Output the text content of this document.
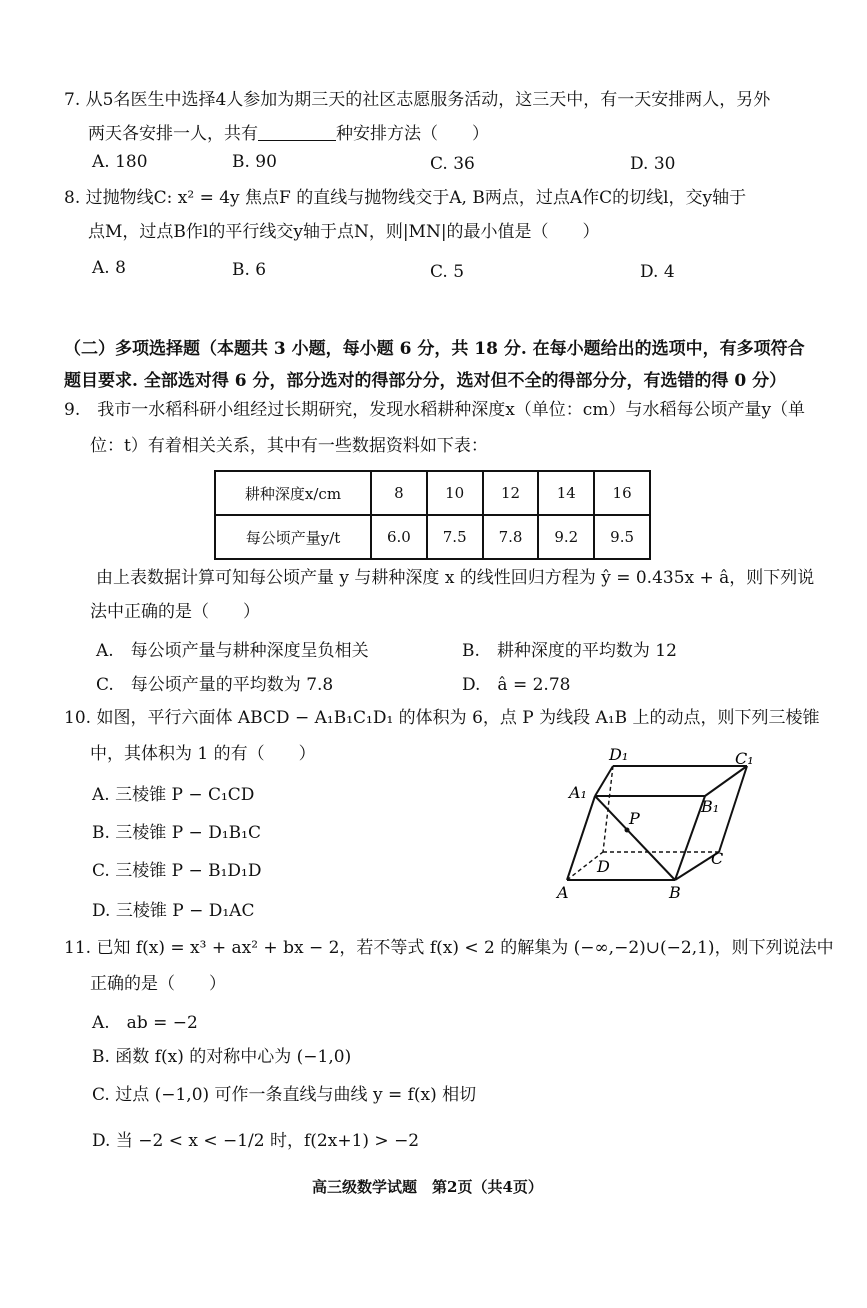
7. 从5名医生中选择4人参加为期三天的社区志愿服务活动，这三天中，有一天安排两人，另外
两天各安排一人，共有	种安排方法（　　）
A. 180	B. 90	C. 36	D. 30
8. 过抛物线C: x² = 4y 焦点F 的直线与抛物线交于A, B两点，过点A作C的切线l，交y轴于
点M，过点B作l的平行线交y轴于点N，则|MN|的最小值是（　　）
A. 8	B. 6	C. 5	D. 4
（二）多项选择题（本题共 3 小题，每小题 6 分，共 18 分. 在每小题给出的选项中，有多项符合
题目要求. 全部选对得 6 分，部分选对的得部分分，选对但不全的得部分分，有选错的得 0 分）
9.　我市一水稻科研小组经过长期研究，发现水稻耕种深度x（单位：cm）与水稻每公顷产量y（单
位：t）有着相关关系，其中有一些数据资料如下表：
耕种深度x/cm	8	10	12	14	16
每公顷产量y/t	6.0	7.5	7.8	9.2	9.5
由上表数据计算可知每公顷产量 y 与耕种深度 x 的线性回归方程为 ŷ = 0.435x + â，则下列说
法中正确的是（　　）
A.　每公顷产量与耕种深度呈负相关	B.　耕种深度的平均数为 12
C.　每公顷产量的平均数为 7.8	D.　â = 2.78
10. 如图，平行六面体 ABCD − A₁B₁C₁D₁ 的体积为 6，点 P 为线段 A₁B 上的动点，则下列三棱锥
中，其体积为 1 的有（　　）
A. 三棱锥 P − C₁CD
B. 三棱锥 P − D₁B₁C
C. 三棱锥 P − B₁D₁D
D. 三棱锥 P − D₁AC
D₁	C₁
A₁
B₁
P
D	C
A	B
11. 已知 f(x) = x³ + ax² + bx − 2，若不等式 f(x) < 2 的解集为 (−∞,−2)∪(−2,1)，则下列说法中
正确的是（　　）
A.　ab = −2
B. 函数 f(x) 的对称中心为 (−1,0)
C. 过点 (−1,0) 可作一条直线与曲线 y = f(x) 相切
D. 当 −2 < x < −1/2 时，f(2x+1) > −2
高三级数学试题　第2页（共4页）
